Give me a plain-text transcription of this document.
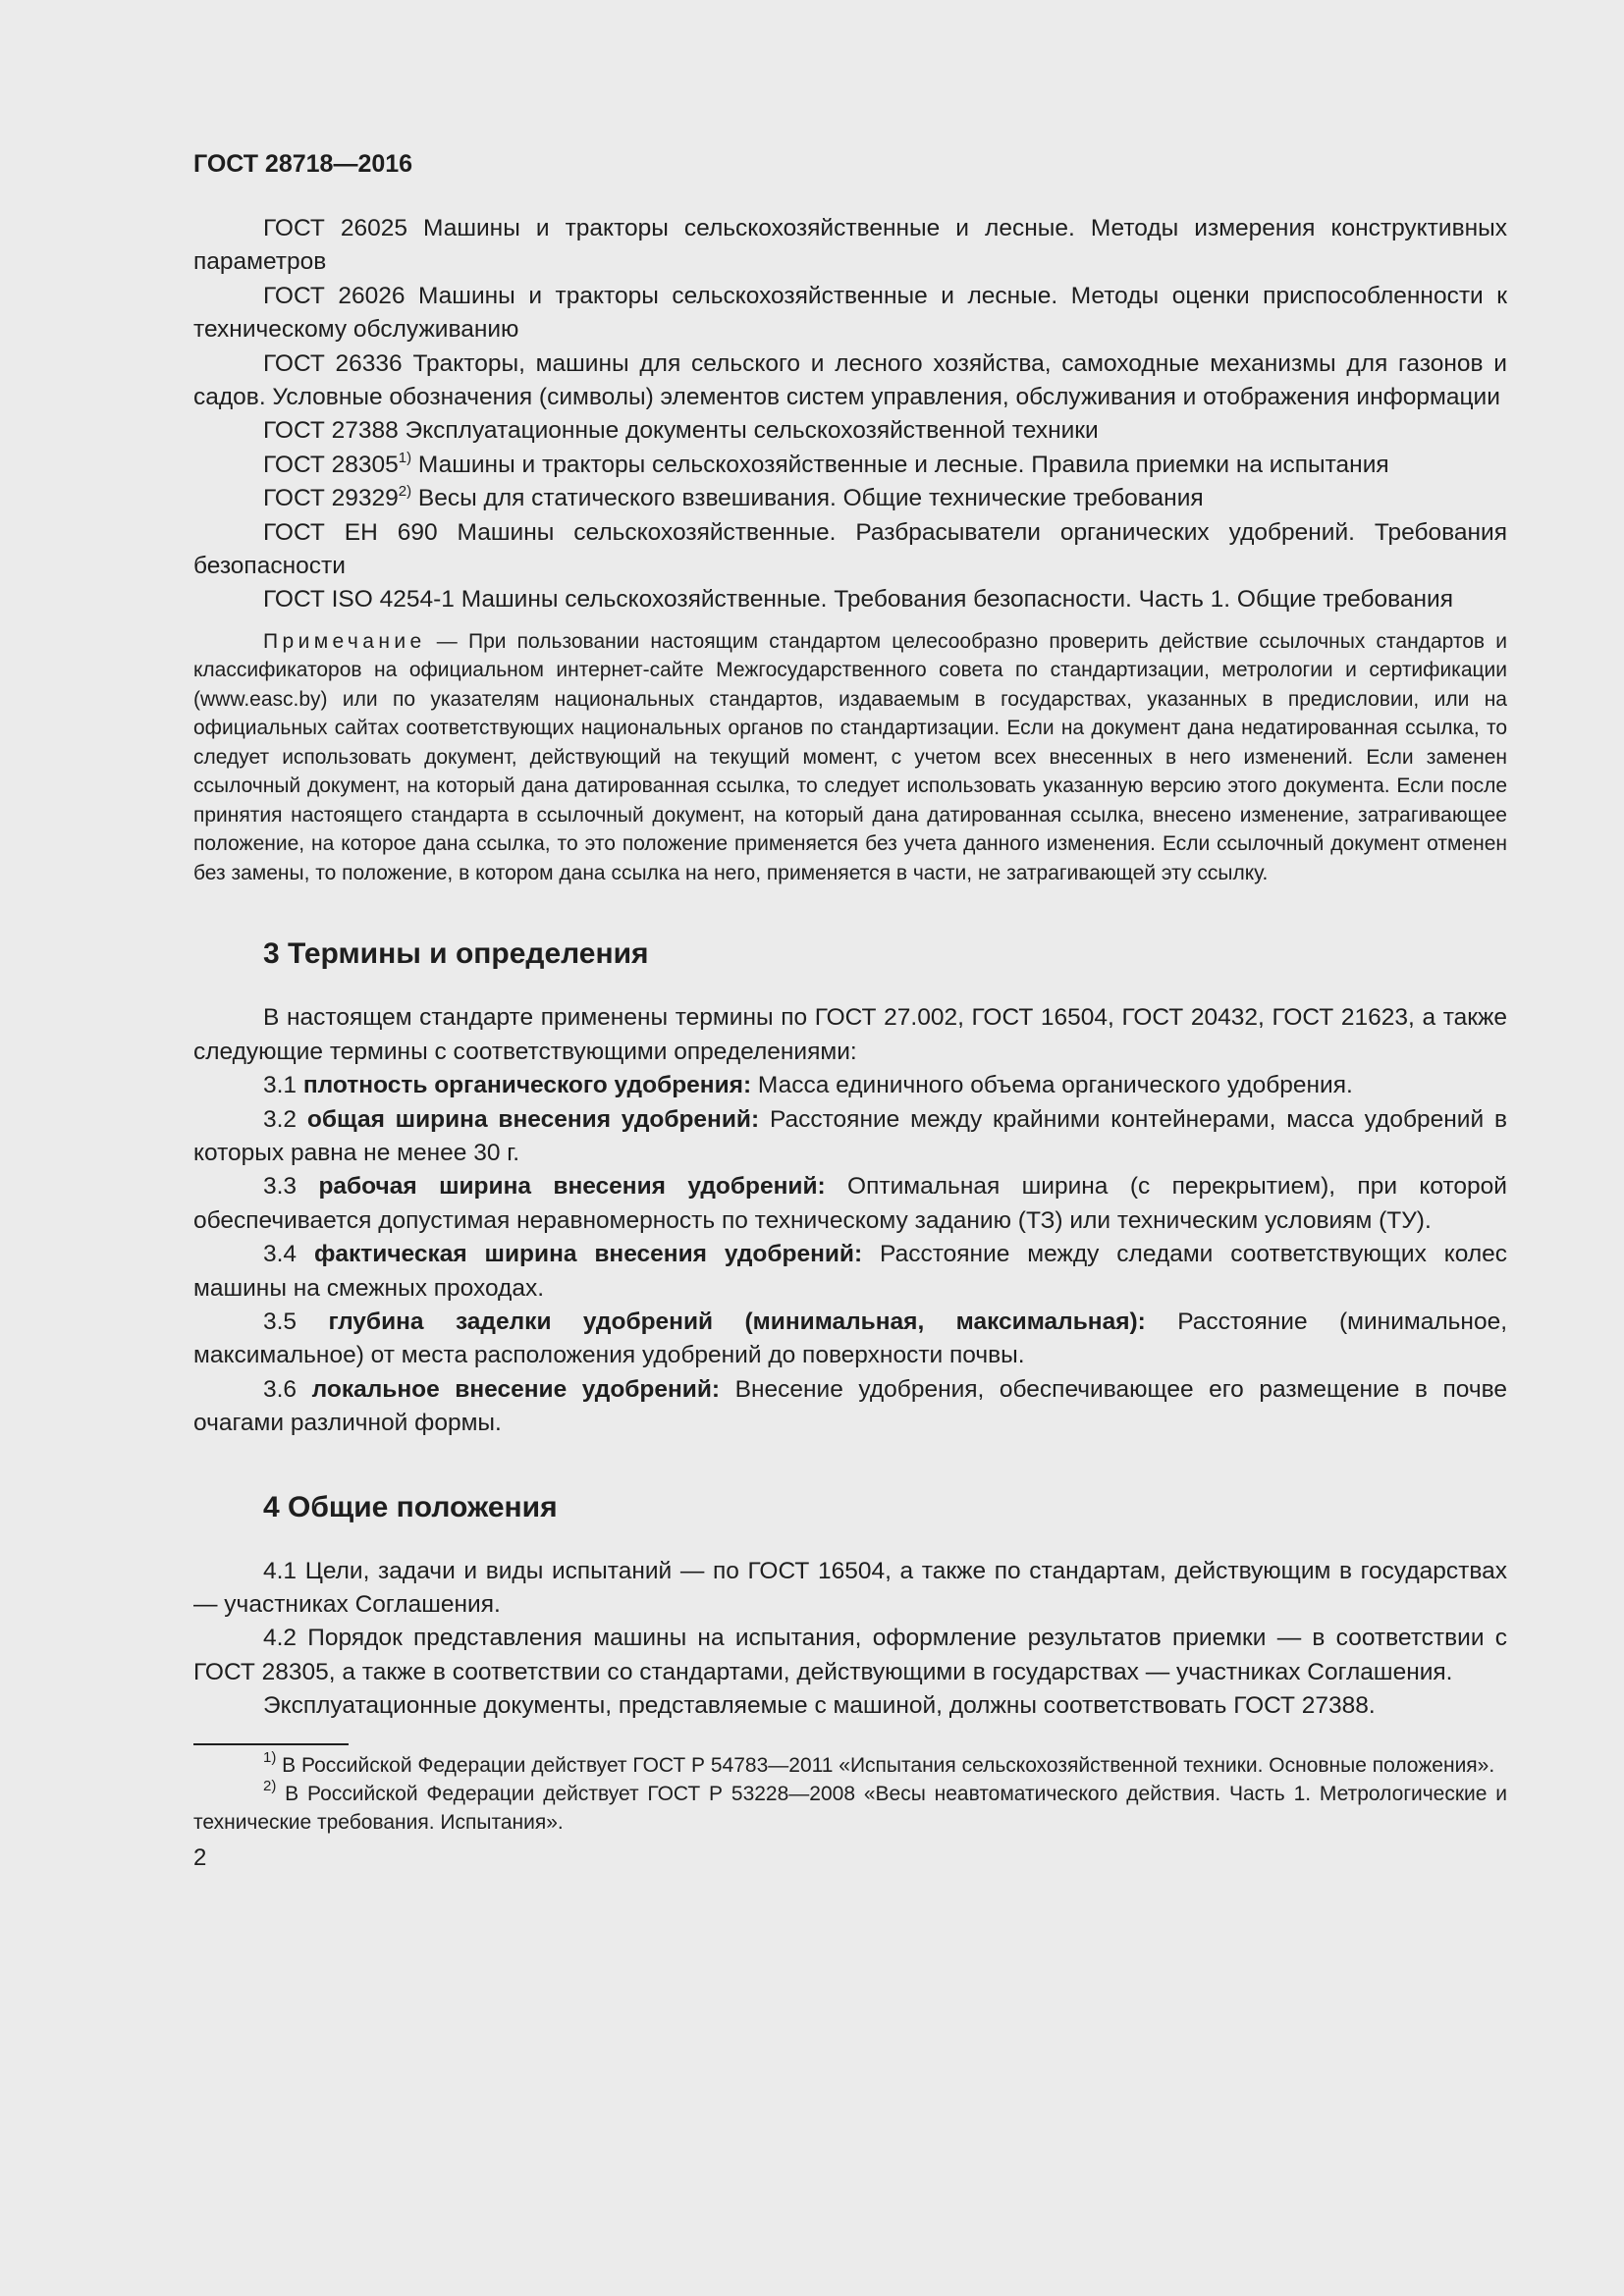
ГОСТ 28718—2016

ГОСТ 26025 Машины и тракторы сельскохозяйственные и лесные. Методы измерения конструктивных параметров

ГОСТ 26026 Машины и тракторы сельскохозяйственные и лесные. Методы оценки приспособленности к техническому обслуживанию

ГОСТ 26336 Тракторы, машины для сельского и лесного хозяйства, самоходные механизмы для газонов и садов. Условные обозначения (символы) элементов систем управления, обслуживания и отображения информации

ГОСТ 27388 Эксплуатационные документы сельскохозяйственной техники

ГОСТ 28305$^{1)}$ Машины и тракторы сельскохозяйственные и лесные. Правила приемки на испытания

ГОСТ 29329$^{2)}$ Весы для статического взвешивания. Общие технические требования

ГОСТ ЕН 690 Машины сельскохозяйственные. Разбрасыватели органических удобрений. Требования безопасности

ГОСТ ISO 4254-1 Машины сельскохозяйственные. Требования безопасности. Часть 1. Общие требования

Примечание — При пользовании настоящим стандартом целесообразно проверить действие ссылочных стандартов и классификаторов на официальном интернет-сайте Межгосударственного совета по стандартизации, метрологии и сертификации (www.easc.by) или по указателям национальных стандартов, издаваемым в государствах, указанных в предисловии, или на официальных сайтах соответствующих национальных органов по стандартизации. Если на документ дана недатированная ссылка, то следует использовать документ, действующий на текущий момент, с учетом всех внесенных в него изменений. Если заменен ссылочный документ, на который дана датированная ссылка, то следует использовать указанную версию этого документа. Если после принятия настоящего стандарта в ссылочный документ, на который дана датированная ссылка, внесено изменение, затрагивающее положение, на которое дана ссылка, то это положение применяется без учета данного изменения. Если ссылочный документ отменен без замены, то положение, в котором дана ссылка на него, применяется в части, не затрагивающей эту ссылку.

3 Термины и определения

В настоящем стандарте применены термины по ГОСТ 27.002, ГОСТ 16504, ГОСТ 20432, ГОСТ 21623, а также следующие термины с соответствующими определениями:

3.1 плотность органического удобрения: Масса единичного объема органического удобрения.

3.2 общая ширина внесения удобрений: Расстояние между крайними контейнерами, масса удобрений в которых равна не менее 30 г.

3.3 рабочая ширина внесения удобрений: Оптимальная ширина (с перекрытием), при которой обеспечивается допустимая неравномерность по техническому заданию (ТЗ) или техническим условиям (ТУ).

3.4 фактическая ширина внесения удобрений: Расстояние между следами соответствующих колес машины на смежных проходах.

3.5 глубина заделки удобрений (минимальная, максимальная): Расстояние (минимальное, максимальное) от места расположения удобрений до поверхности почвы.

3.6 локальное внесение удобрений: Внесение удобрения, обеспечивающее его размещение в почве очагами различной формы.

4 Общие положения

4.1 Цели, задачи и виды испытаний — по ГОСТ 16504, а также по стандартам, действующим в государствах — участниках Соглашения.

4.2 Порядок представления машины на испытания, оформление результатов приемки — в соответствии с ГОСТ 28305, а также в соответствии со стандартами, действующими в государствах — участниках Соглашения.

Эксплуатационные документы, представляемые с машиной, должны соответствовать ГОСТ 27388.

$^{1)}$ В Российской Федерации действует ГОСТ Р 54783—2011 «Испытания сельскохозяйственной техники. Основные положения».

$^{2)}$ В Российской Федерации действует ГОСТ Р 53228—2008 «Весы неавтоматического действия. Часть 1. Метрологические и технические требования. Испытания».

2
